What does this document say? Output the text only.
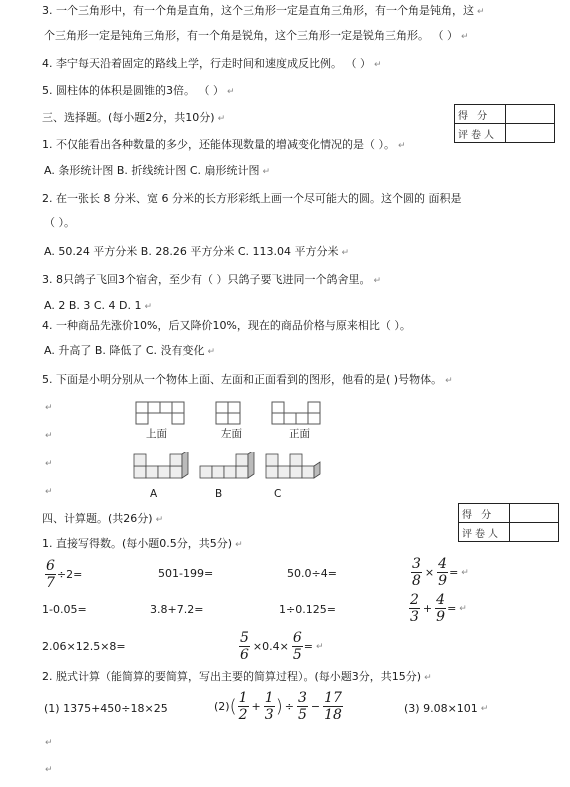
3. 一个三角形中，有一个角是直角，这个三角形一定是直角三角形，有一个角是钝角，这 ↵
个三角形一定是钝角三角形，有一个角是锐角，这个三角形一定是锐角三角形。 （ ） ↵
4. 李宁每天沿着固定的路线上学，行走时间和速度成反比例。 （ ） ↵
5. 圆柱体的体积是圆锥的3倍。 （ ） ↵
三、选择题。(每小题2分，共10分) ↵	得 分	
评卷人	
1. 不仅能看出各种数量的多少，还能体现数量的增减变化情况的是（ ）。 ↵
A. 条形统计图 B. 折线统计图 C. 扇形统计图 ↵
2. 在一张长 8 分米、宽 6 分米的长方形彩纸上画一个尽可能大的圆。这个圆的 面积是
（ ）。
A. 50.24 平方分米 B. 28.26 平方分米 C. 113.04 平方分米 ↵
3. 8只鸽子飞回3个宿舍，至少有（ ）只鸽子要飞进同一个鸽舍里。 ↵
A. 2 B. 3 C. 4 D. 1 ↵
4. 一种商品先涨价10%，后又降价10%，现在的商品价格与原来相比（ ）。
A. 升高了 B. 降低了 C. 没有变化 ↵
5. 下面是小明分别从一个物体上面、左面和正面看到的图形，他看的是( )号物体。 ↵
↵
↵
↵
↵
上面	左面	正面
A	B	C
四、计算题。(共26分) ↵	得 分	
评卷人	
1. 直接写得数。(每小题0.5分，共5分) ↵
$\frac{6}{7} \div 2=$	501-199=	50.0÷4=	$\frac{3}{8} \times \frac{4}{9}$ = ↵
1-0.05=	3.8+7.2=	1÷0.125=	$\frac{2}{3} + \frac{4}{9}$ = ↵
2.06×12.5×8=	$\frac{5}{6} \times 0.4\times \frac{6}{5}$ = ↵
2. 脱式计算（能简算的要简算，写出主要的简算过程）。(每小题3分，共15分) ↵
(1) 1375+450÷18×25	(2) ( $\frac{1}{2} + \frac{1}{3}$ ) ÷ $\frac{3}{5} - \frac{17}{18}$	(3) 9.08×101 ↵
↵
↵
